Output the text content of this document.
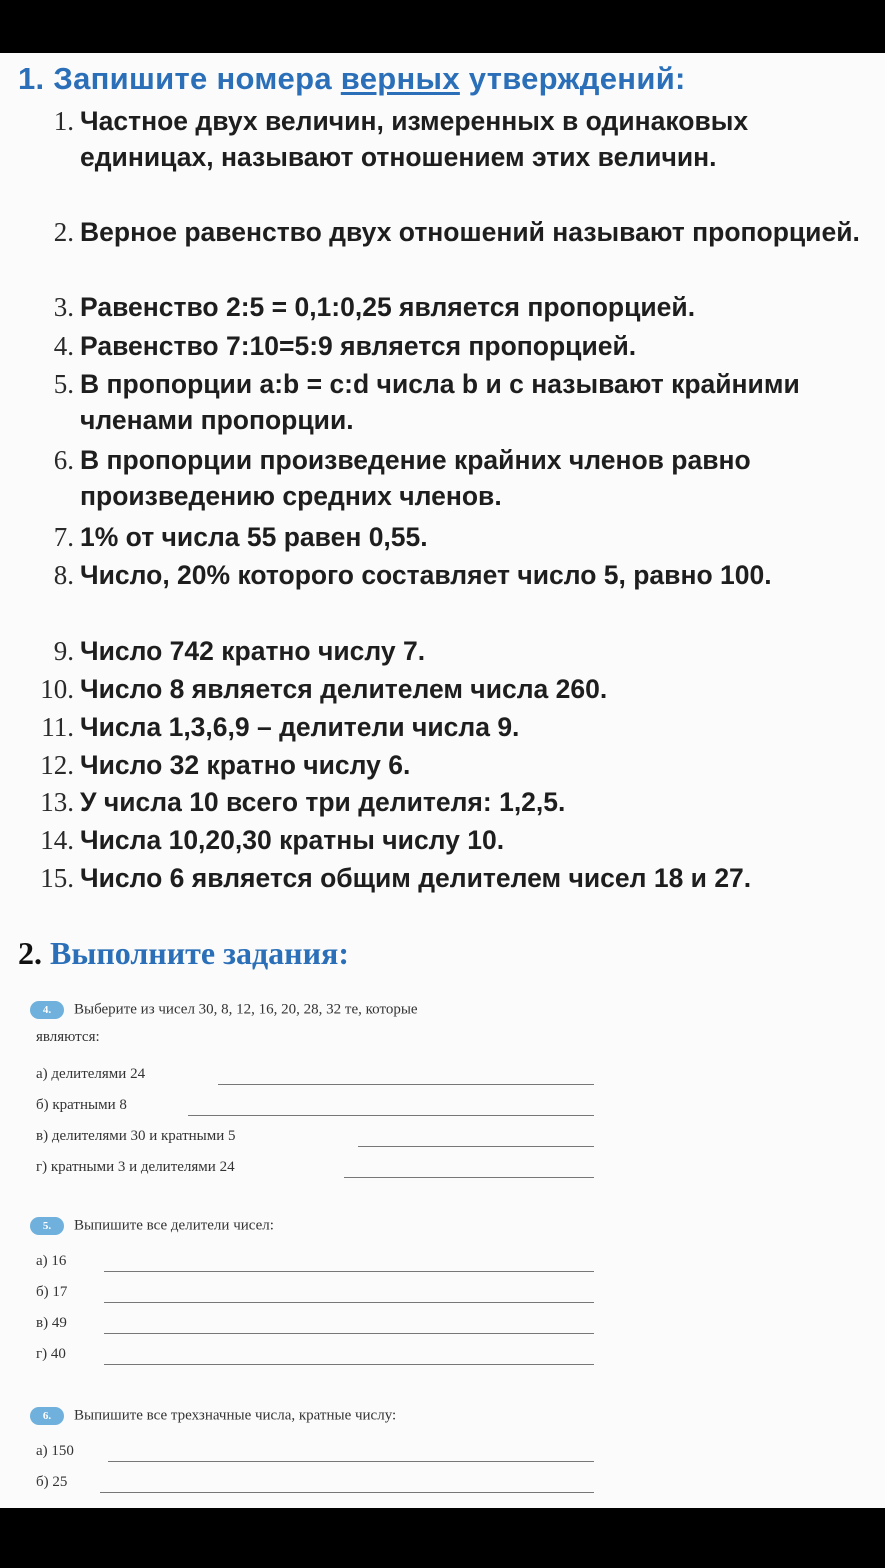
1. Запишите номера верных утверждений:
1. Частное двух величин, измеренных в одинаковых единицах, называют отношением этих величин.
2. Верное равенство двух отношений называют пропорцией.
3. Равенство 2:5 = 0,1:0,25 является пропорцией.
4. Равенство 7:10=5:9 является пропорцией.
5. В пропорции a:b = c:d числа b и c называют крайними членами пропорции.
6. В пропорции произведение крайних членов равно произведению средних членов.
7. 1% от числа 55 равен 0,55.
8. Число, 20% которого составляет число 5, равно 100.
9. Число 742 кратно числу 7.
10. Число 8 является делителем числа 260.
11. Числа 1,3,6,9 – делители числа 9.
12. Число 32 кратно числу 6.
13. У числа 10 всего три делителя: 1,2,5.
14. Числа 10,20,30 кратны числу 10.
15. Число 6 является общим делителем чисел 18 и 27.
2. Выполните задания:
4. Выберите из чисел 30, 8, 12, 16, 20, 28, 32 те, которые
являются:
а) делителями 24
б) кратными 8
в) делителями 30 и кратными 5
г) кратными 3 и делителями 24
5. Выпишите все делители чисел:
а) 16
б) 17
в) 49
г) 40
6. Выпишите все трехзначные числа, кратные числу:
а) 150
б) 25
